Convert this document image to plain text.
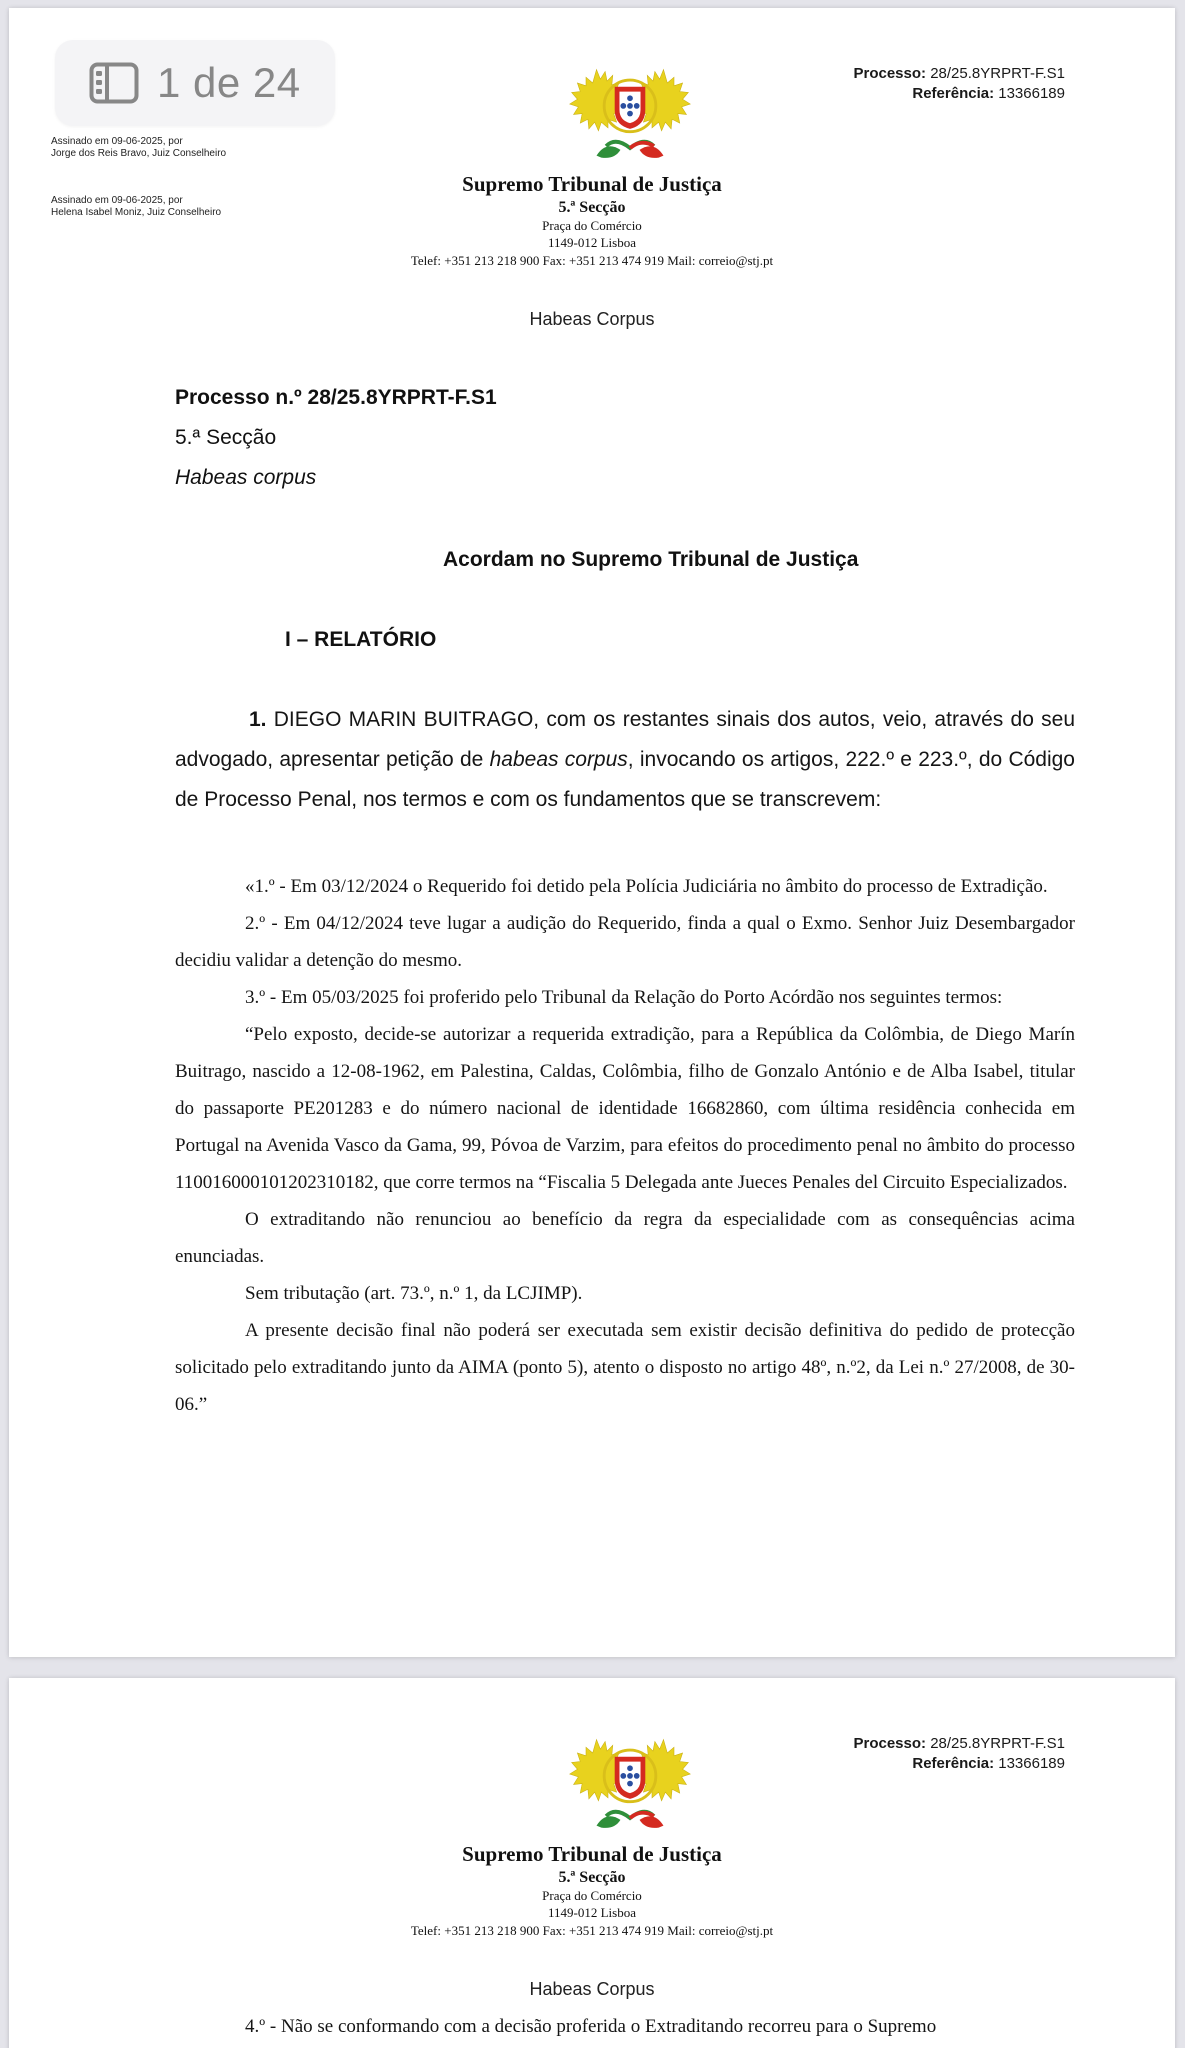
Assinado em 09-06-2025, por
Jorge dos Reis Bravo, Juiz Conselheiro
Assinado em 09-06-2025, por
Helena Isabel Moniz, Juiz Conselheiro
Processo: 28/25.8YRPRT-F.S1
Referência: 13366189
Supremo Tribunal de Justiça
5.ª Secção
Praça do Comércio
1149-012 Lisboa
Telef: +351 213 218 900 Fax: +351 213 474 919 Mail: correio@stj.pt
Habeas Corpus
Processo n.º 28/25.8YRPRT-F.S1
5.ª Secção
Habeas corpus
Acordam no Supremo Tribunal de Justiça
I – RELATÓRIO
1. DIEGO MARIN BUITRAGO, com os restantes sinais dos autos, veio, através do seu advogado, apresentar petição de habeas corpus, invocando os artigos, 222.º e 223.º, do Código de Processo Penal, nos termos e com os fundamentos que se transcrevem:

«1.º - Em 03/12/2024 o Requerido foi detido pela Polícia Judiciária no âmbito do processo de Extradição.

2.º - Em 04/12/2024 teve lugar a audição do Requerido, finda a qual o Exmo. Senhor Juiz Desembargador decidiu validar a detenção do mesmo.

3.º - Em 05/03/2025 foi proferido pelo Tribunal da Relação do Porto Acórdão nos seguintes termos:

“Pelo exposto, decide-se autorizar a requerida extradição, para a República da Colômbia, de Diego Marín Buitrago, nascido a 12-08-1962, em Palestina, Caldas, Colômbia, filho de Gonzalo António e de Alba Isabel, titular do passaporte PE201283 e do número nacional de identidade 16682860, com última residência conhecida em Portugal na Avenida Vasco da Gama, 99, Póvoa de Varzim, para efeitos do procedimento penal no âmbito do processo 110016000101202310182, que corre termos na “Fiscalia 5 Delegada ante Jueces Penales del Circuito Especializados.

O extraditando não renunciou ao benefício da regra da especialidade com as consequências acima enunciadas.

Sem tributação (art. 73.º, n.º 1, da LCJIMP).

A presente decisão final não poderá ser executada sem existir decisão definitiva do pedido de protecção solicitado pelo extraditando junto da AIMA (ponto 5), atento o disposto no artigo 48º, n.º2, da Lei n.º 27/2008, de 30-06.”

Processo: 28/25.8YRPRT-F.S1
Referência: 13366189
Supremo Tribunal de Justiça
5.ª Secção
Praça do Comércio
1149-012 Lisboa
Telef: +351 213 218 900 Fax: +351 213 474 919 Mail: correio@stj.pt
Habeas Corpus
4.º - Não se conformando com a decisão proferida o Extraditando recorreu para o Supremo
1 de 24
